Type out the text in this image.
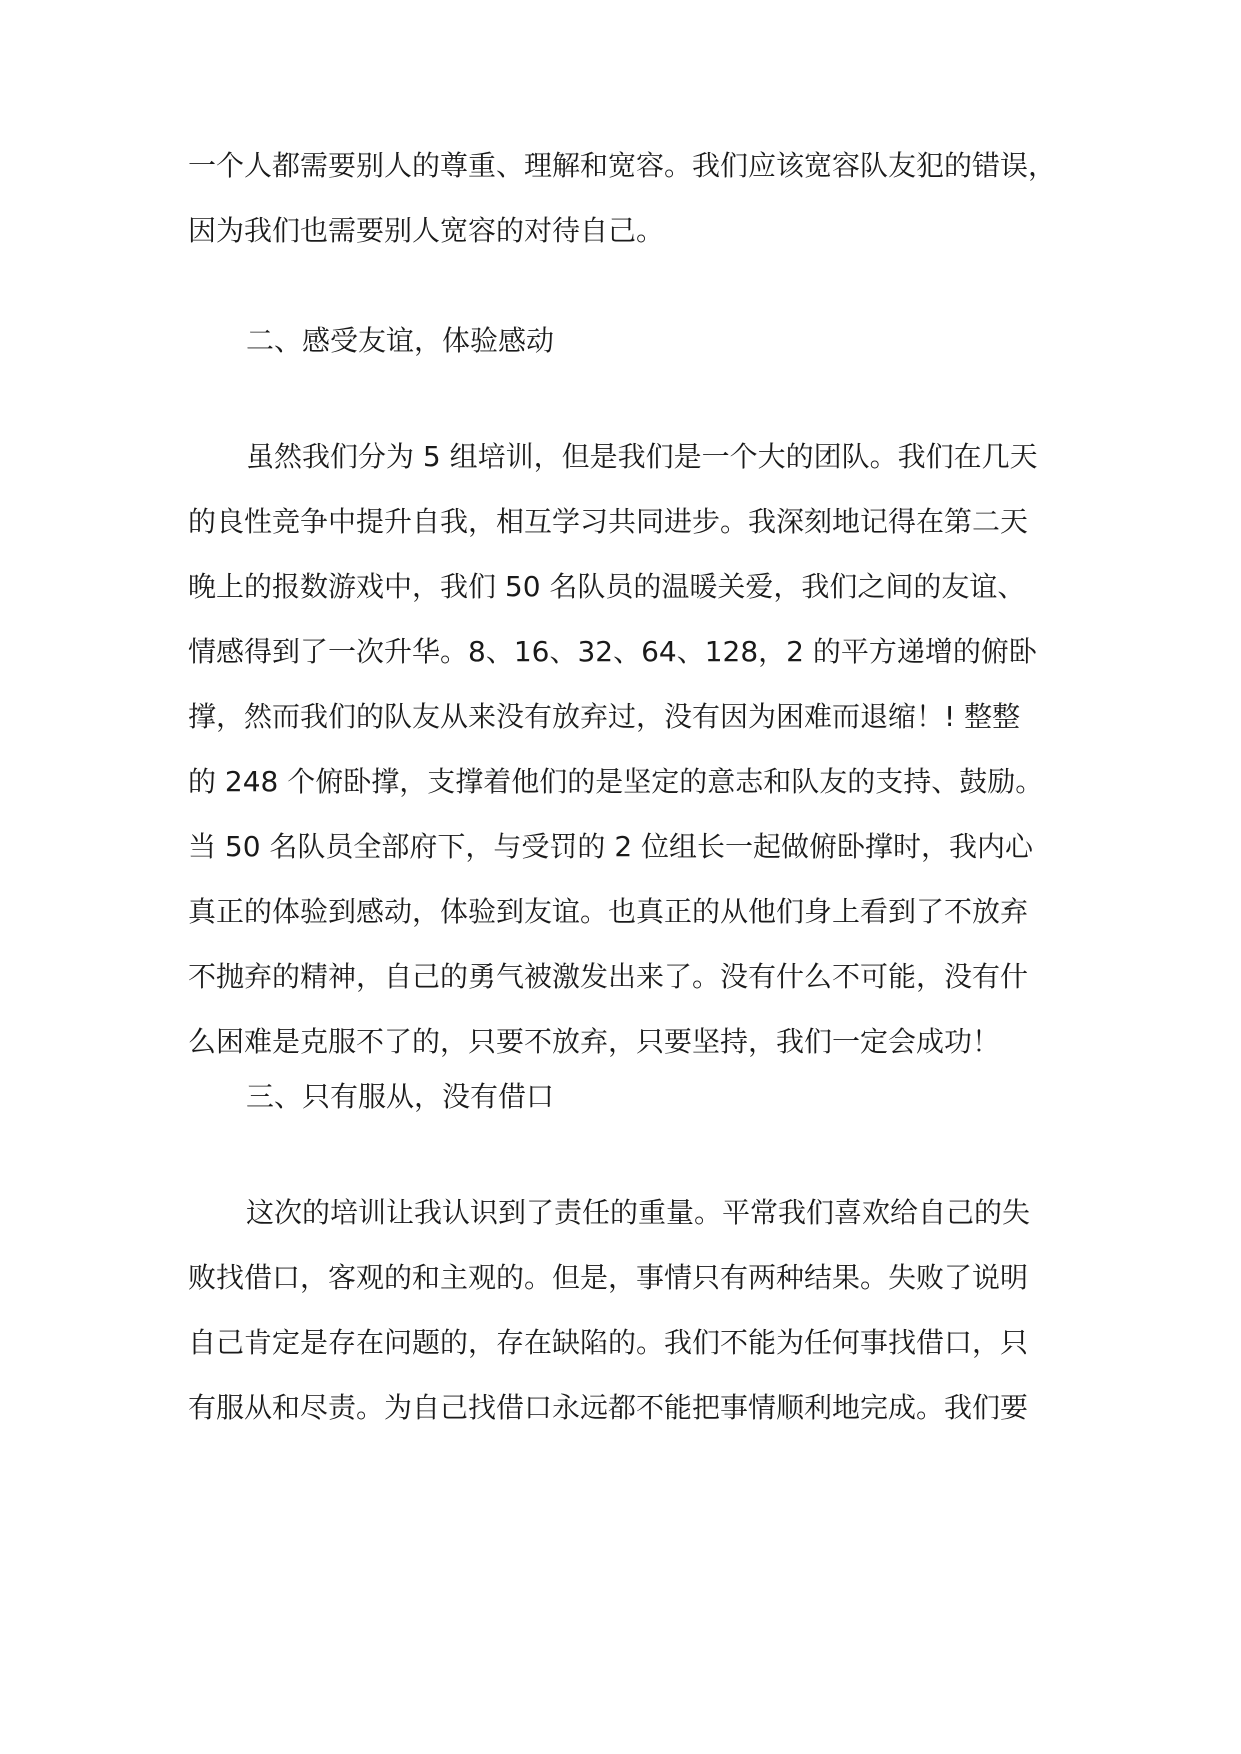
一个人都需要别人的尊重、理解和宽容。我们应该宽容队友犯的错误，
因为我们也需要别人宽容的对待自己。
二、感受友谊，体验感动
虽然我们分为 5 组培训，但是我们是一个大的团队。我们在几天
的良性竞争中提升自我，相互学习共同进步。我深刻地记得在第二天
晚上的报数游戏中，我们 50 名队员的温暖关爱，我们之间的友谊、
情感得到了一次升华。8、16、32、64、128，2 的平方递增的俯卧
撑，然而我们的队友从来没有放弃过，没有因为困难而退缩！! 整整
的 248 个俯卧撑，支撑着他们的是坚定的意志和队友的支持、鼓励。
当 50 名队员全部府下，与受罚的 2 位组长一起做俯卧撑时，我内心
真正的体验到感动，体验到友谊。也真正的从他们身上看到了不放弃
不抛弃的精神，自己的勇气被激发出来了。没有什么不可能，没有什
么困难是克服不了的，只要不放弃，只要坚持，我们一定会成功！
三、只有服从，没有借口
这次的培训让我认识到了责任的重量。平常我们喜欢给自己的失
败找借口，客观的和主观的。但是，事情只有两种结果。失败了说明
自己肯定是存在问题的，存在缺陷的。我们不能为任何事找借口，只
有服从和尽责。为自己找借口永远都不能把事情顺利地完成。我们要
